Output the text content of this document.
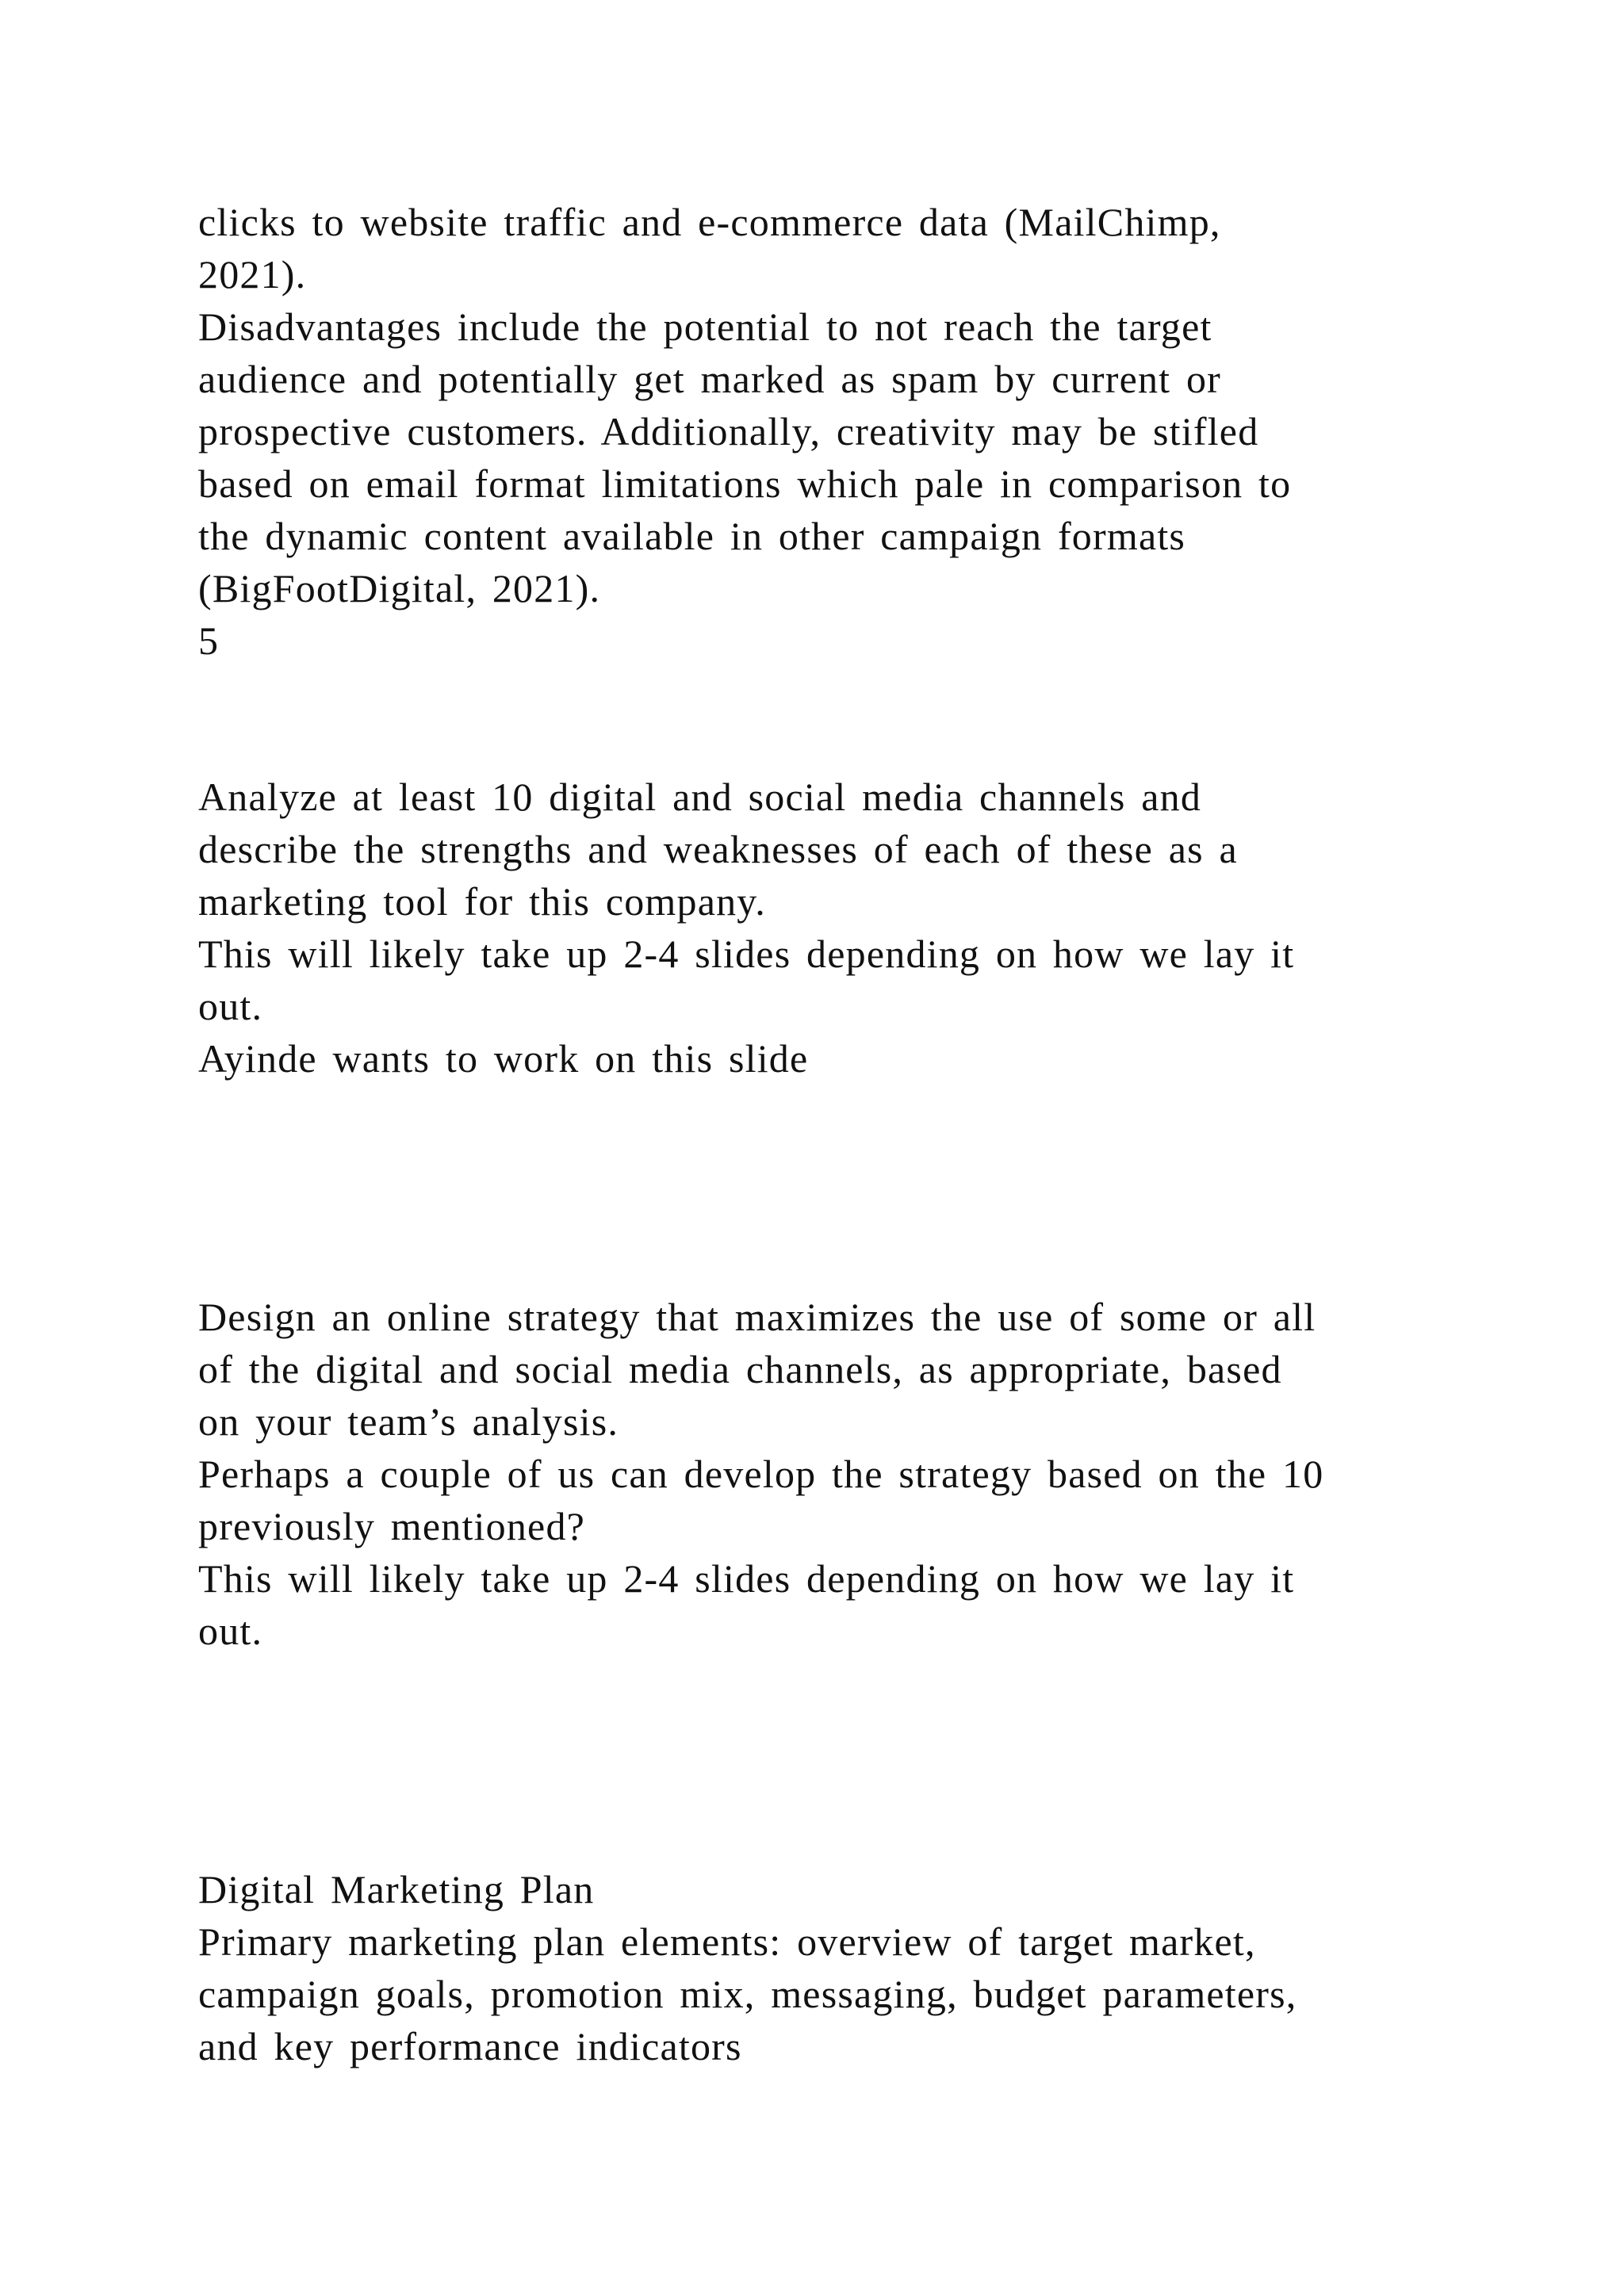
clicks to website traffic and e-commerce data (MailChimp,
2021).
Disadvantages include the potential to not reach the target
audience and potentially get marked as spam by current or
prospective customers. Additionally, creativity may be stifled
based on email format limitations which pale in comparison to
the dynamic content available in other campaign formats
(BigFootDigital, 2021).
5
Analyze at least 10 digital and social media channels and
describe the strengths and weaknesses of each of these as a
marketing tool for this company.
This will likely take up 2-4 slides depending on how we lay it
out.
Ayinde wants to work on this slide
Design an online strategy that maximizes the use of some or all
of the digital and social media channels, as appropriate, based
on your team’s analysis.
Perhaps a couple of us can develop the strategy based on the 10
previously mentioned?
This will likely take up 2-4 slides depending on how we lay it
out.
Digital Marketing Plan
Primary marketing plan elements: overview of target market,
campaign goals, promotion mix, messaging, budget parameters,
and key performance indicators
